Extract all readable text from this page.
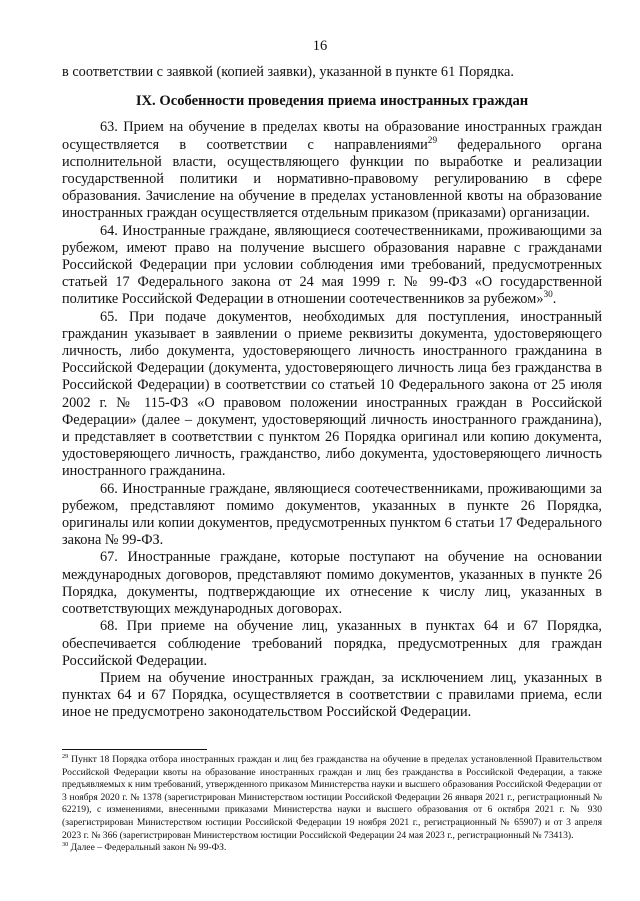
16

в соответствии с заявкой (копией заявки), указанной в пункте 61 Порядка.

IX. Особенности проведения приема иностранных граждан

63. Прием на обучение в пределах квоты на образование иностранных граждан осуществляется в соответствии с направлениями$^{29}$ федерального органа исполнительной власти, осуществляющего функции по выработке и реализации государственной политики и нормативно-правовому регулированию в сфере образования. Зачисление на обучение в пределах установленной квоты на образование иностранных граждан осуществляется отдельным приказом (приказами) организации.

64. Иностранные граждане, являющиеся соотечественниками, проживающими за рубежом, имеют право на получение высшего образования наравне с гражданами Российской Федерации при условии соблюдения ими требований, предусмотренных статьей 17 Федерального закона от 24 мая 1999 г. № 99-ФЗ «О государственной политике Российской Федерации в отношении соотечественников за рубежом»$^{30}$.

65. При подаче документов, необходимых для поступления, иностранный гражданин указывает в заявлении о приеме реквизиты документа, удостоверяющего личность, либо документа, удостоверяющего личность иностранного гражданина в Российской Федерации (документа, удостоверяющего личность лица без гражданства в Российской Федерации) в соответствии со статьей 10 Федерального закона от 25 июля 2002 г. № 115-ФЗ «О правовом положении иностранных граждан в Российской Федерации» (далее – документ, удостоверяющий личность иностранного гражданина), и представляет в соответствии с пунктом 26 Порядка оригинал или копию документа, удостоверяющего личность, гражданство, либо документа, удостоверяющего личность иностранного гражданина.

66. Иностранные граждане, являющиеся соотечественниками, проживающими за рубежом, представляют помимо документов, указанных в пункте 26 Порядка, оригиналы или копии документов, предусмотренных пунктом 6 статьи 17 Федерального закона № 99-ФЗ.

67. Иностранные граждане, которые поступают на обучение на основании международных договоров, представляют помимо документов, указанных в пункте 26 Порядка, документы, подтверждающие их отнесение к числу лиц, указанных в соответствующих международных договорах.

68. При приеме на обучение лиц, указанных в пунктах 64 и 67 Порядка, обеспечивается соблюдение требований порядка, предусмотренных для граждан Российской Федерации.

Прием на обучение иностранных граждан, за исключением лиц, указанных в пунктах 64 и 67 Порядка, осуществляется в соответствии с правилами приема, если иное не предусмотрено законодательством Российской Федерации.

$^{29}$ Пункт 18 Порядка отбора иностранных граждан и лиц без гражданства на обучение в пределах установленной Правительством Российской Федерации квоты на образование иностранных граждан и лиц без гражданства в Российской Федерации, а также предъявляемых к ним требований, утвержденного приказом Министерства науки и высшего образования Российской Федерации от 3 ноября 2020 г. № 1378 (зарегистрирован Министерством юстиции Российской Федерации 26 января 2021 г., регистрационный № 62219), с изменениями, внесенными приказами Министерства науки и высшего образования от 6 октября 2021 г. № 930 (зарегистрирован Министерством юстиции Российской Федерации 19 ноября 2021 г., регистрационный № 65907) и от 3 апреля 2023 г. № 366 (зарегистрирован Министерством юстиции Российской Федерации 24 мая 2023 г., регистрационный № 73413).

$^{30}$ Далее – Федеральный закон № 99-ФЗ.
